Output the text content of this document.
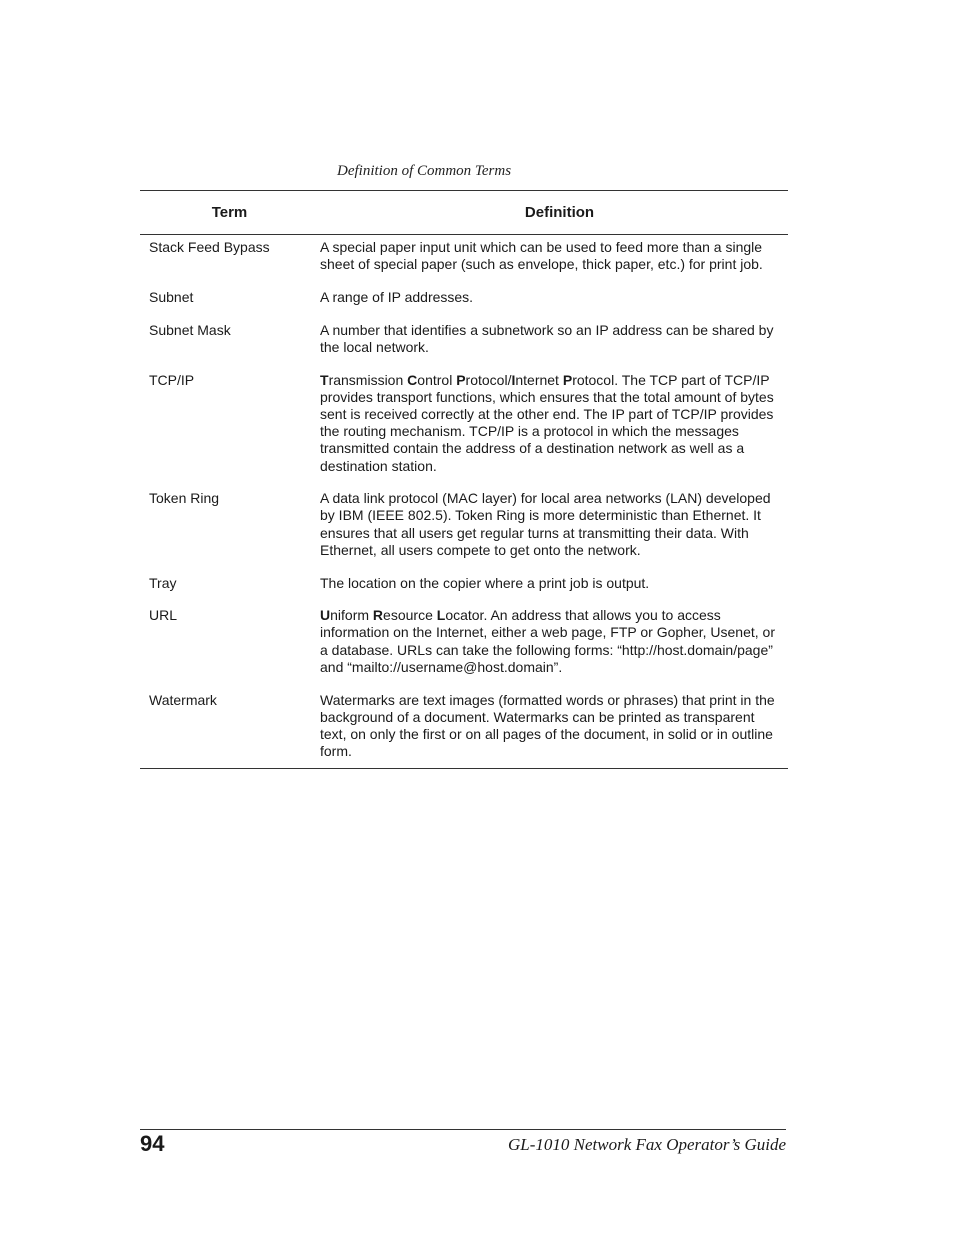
Definition of Common Terms
Term	Definition
Stack Feed Bypass	A special paper input unit which can be used to feed more than a single sheet of special paper (such as envelope, thick paper, etc.) for print job.
Subnet	A range of IP addresses.
Subnet Mask	A number that identifies a subnetwork so an IP address can be shared by the local network.
TCP/IP	Transmission Control Protocol/Internet Protocol. The TCP part of TCP/IP provides transport functions, which ensures that the total amount of bytes sent is received correctly at the other end. The IP part of TCP/IP provides the routing mechanism. TCP/IP is a protocol in which the messages transmitted contain the address of a destination network as well as a destination station.
Token Ring	A data link protocol (MAC layer) for local area networks (LAN) developed by IBM (IEEE 802.5). Token Ring is more deterministic than Ethernet. It ensures that all users get regular turns at transmitting their data. With Ethernet, all users compete to get onto the network.
Tray	The location on the copier where a print job is output.
URL	Uniform Resource Locator. An address that allows you to access information on the Internet, either a web page, FTP or Gopher, Usenet, or a database. URLs can take the following forms: “http://host.domain/page” and “mailto://username@host.domain”.
Watermark	Watermarks are text images (formatted words or phrases) that print in the background of a document. Watermarks can be printed as transparent text, on only the first or on all pages of the document, in solid or in outline form.
94	GL-1010 Network Fax Operator’s Guide
